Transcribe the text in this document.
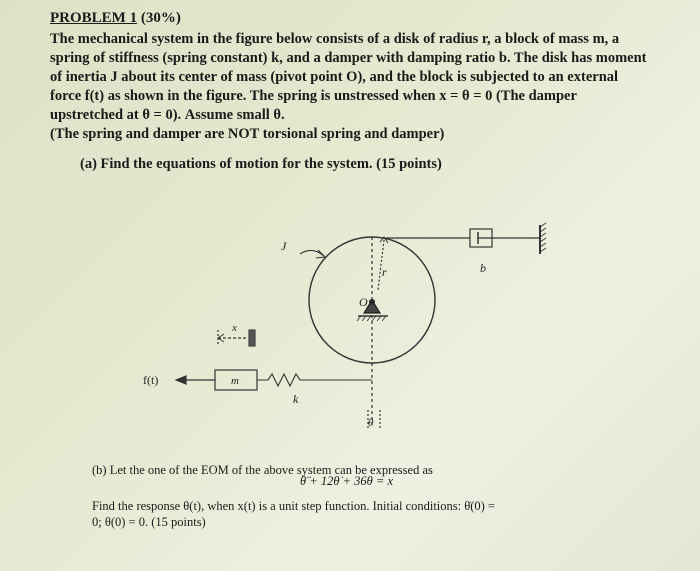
PROBLEM 1 (30%)
The mechanical system in the figure below consists of a disk of radius r, a block of mass m, a
spring of stiffness (spring constant) k, and a damper with damping ratio b. The disk has moment
of inertia J about its center of mass (pivot point O), and the block is subjected to an external
force f(t) as shown in the figure. The spring is unstressed when x = θ = 0 (The damper
upstretched at θ = 0). Assume small θ.
(The spring and damper are NOT torsional spring and damper)
(a) Find the equations of motion for the system. (15 points)
J
r
O
b
m
k
f(t)
x
θ
(b) Let the one of the EOM of the above system can be expressed as
Find the response θ(t), when x(t) is a unit step function. Initial conditions: θ̇(0) =
0; θ(0) = 0. (15 points)
θ̈ + 12θ̇ + 36θ = x
